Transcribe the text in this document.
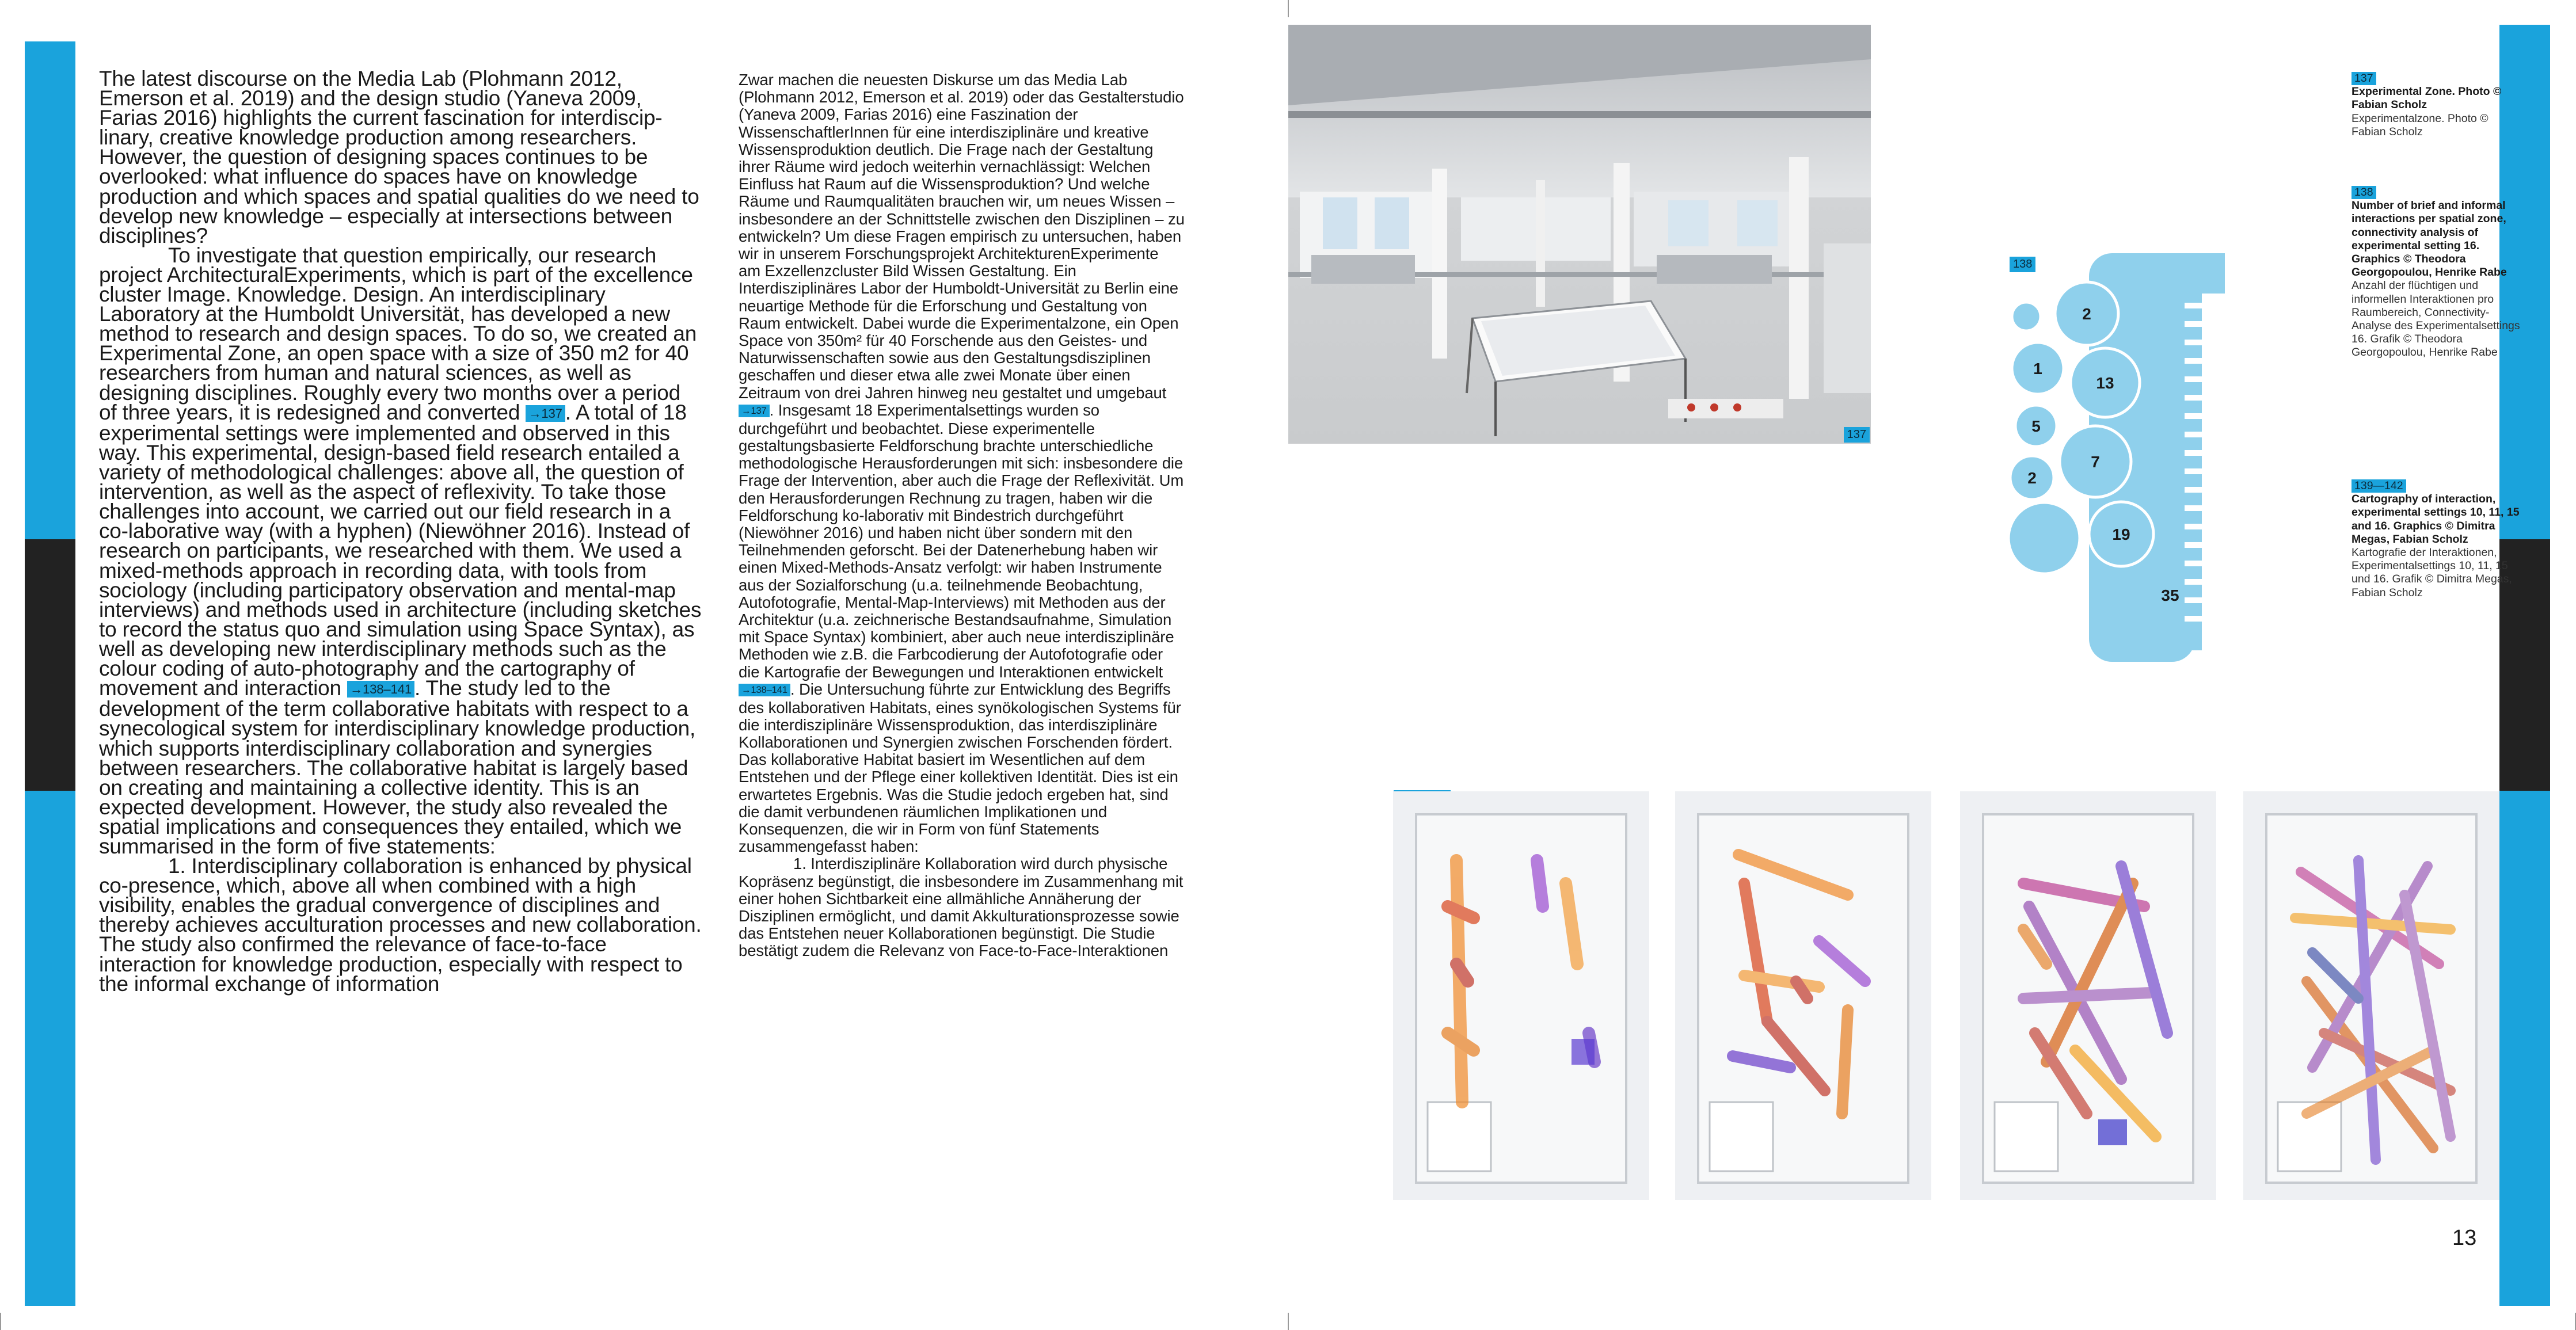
The latest discourse on the Media Lab (Plohmann 2012, Emerson et al. 2019) and the design studio (Yaneva 2009, Farias 2016) highlights the current fascination for interdisciplinary, creative knowledge production among researchers. However, the question of designing spaces continues to be overlooked: what influence do spaces have on knowledge production and which spaces and spatial qualities do we need to develop new knowledge – especially at intersections between disciplines?

To investigate that question empirically, our research project ArchitecturalExperiments, which is part of the excellence cluster Image. Knowledge. Design. An interdisciplinary Laboratory at the Humboldt Universität, has developed a new method to research and design spaces. To do so, we created an Experimental Zone, an open space with a size of 350 m2 for 40 researchers from human and natural sciences, as well as designing disciplines. Roughly every two months over a period of three years, it is redesigned and converted →137 . A total of 18 experimental settings were implemented and observed in this way. This experimental, design-based field research entailed a variety of methodological challenges: above all, the question of intervention, as well as the aspect of reflexivity. To take those challenges into account, we carried out our field research in a co-laborative way (with a hyphen) (Niewöhner 2016). Instead of research on participants, we researched with them. We used a mixed-methods approach in recording data, with tools from sociology (including participatory observation and mental-map interviews) and methods used in architecture (including sketches to record the status quo and simulation using Space Syntax), as well as developing new interdisciplinary methods such as the colour coding of auto-photography and the cartography of movement and interaction →138–141 . The study led to the development of the term collaborative habitats with respect to a synecological system for interdisciplinary knowledge production, which supports interdisciplinary collaboration and synergies between researchers. The collaborative habitat is largely based on creating and maintaining a collective identity. This is an expected development. However, the study also revealed the spatial implications and consequences they entailed, which we summarised in the form of five statements:

1. Interdisciplinary collaboration is enhanced by physical co-presence, which, above all when combined with a high visibility, enables the gradual convergence of disciplines and thereby achieves acculturation processes and new collaboration. The study also confirmed the relevance of face-to-face interaction for knowledge production, especially with respect to the informal exchange of information

Zwar machen die neuesten Diskurse um das Media Lab (Plohmann 2012, Emerson et al. 2019) oder das Gestalterstudio (Yaneva 2009, Farias 2016) eine Faszination der WissenschaftlerInnen für eine interdisziplinäre und kreative Wissensproduktion deutlich. Die Frage nach der Gestaltung ihrer Räume wird jedoch weiterhin vernachlässigt: Welchen Einfluss hat Raum auf die Wissensproduktion? Und welche Räume und Raumqualitäten brauchen wir, um neues Wissen – insbesondere an der Schnittstelle zwischen den Disziplinen – zu entwickeln? Um diese Fragen empirisch zu untersuchen, haben wir in unserem Forschungsprojekt ArchitekturenExperimente am Exzellenzcluster Bild Wissen Gestaltung. Ein Interdisziplinäres Labor der Humboldt-Universität zu Berlin eine neuartige Methode für die Erforschung und Gestaltung von Raum entwickelt. Dabei wurde die Experimentalzone, ein Open Space von 350m² für 40 Forschende aus den Geistes- und Naturwissenschaften sowie aus den Gestaltungsdisziplinen geschaffen und dieser etwa alle zwei Monate über einen Zeitraum von drei Jahren hinweg neu gestaltet und umgebaut →137 . Insgesamt 18 Experimentalsettings wurden so durchgeführt und beobachtet. Diese experimentelle gestaltungsbasierte Feldforschung brachte unterschiedliche methodologische Herausforderungen mit sich: insbesondere die Frage der Intervention, aber auch die Frage der Reflexivität. Um den Herausforderungen Rechnung zu tragen, haben wir die Feldforschung ko-laborativ mit Bindestrich durchgeführt (Niewöhner 2016) und haben nicht über sondern mit den Teilnehmenden geforscht. Bei der Datenerhebung haben wir einen Mixed-Methods-Ansatz verfolgt: wir haben Instrumente aus der Sozialforschung (u.a. teilnehmende Beobachtung, Autofotografie, Mental-Map-Interviews) mit Methoden aus der Architektur (u.a. zeichnerische Bestandsaufnahme, Simulation mit Space Syntax) kombiniert, aber auch neue interdisziplinäre Methoden wie z.B. die Farbcodierung der Autofotografie oder die Kartografie der Bewegungen und Interaktionen entwickelt →138–141 . Die Untersuchung führte zur Entwicklung des Begriffs des kollaborativen Habitats, eines synökologischen Systems für die interdisziplinäre Wissensproduktion, das interdisziplinäre Kollaborationen und Synergien zwischen Forschenden fördert. Das kollaborative Habitat basiert im Wesentlichen auf dem Entstehen und der Pflege einer kollektiven Identität. Dies ist ein erwartetes Ergebnis. Was die Studie jedoch ergeben hat, sind die damit verbundenen räumlichen Implikationen und Konsequenzen, die wir in Form von fünf Statements zusammengefasst haben:

1. Interdisziplinäre Kollaboration wird durch physische Kopräsenz begünstigt, die insbesondere im Zusammenhang mit einer hohen Sichtbarkeit eine allmähliche Annäherung der Disziplinen ermöglicht, und damit Akkulturationsprozesse sowie das Entstehen neuer Kollaborationen begünstigt. Die Studie bestätigt zudem die Relevanz von Face-to-Face-Interaktionen

137
138
2
1
13
5
7
2
19
35
137
Experimental Zone. Photo © Fabian Scholz
Experimentalzone. Photo © Fabian Scholz
138
Number of brief and informal interactions per spatial zone, connectivity analysis of experimental setting 16. Graphics © Theodora Georgopoulou, Henrike Rabe
Anzahl der flüchtigen und informellen Interaktionen pro Raumbereich, Connectivity-Analyse des Experimentalsettings 16. Grafik © Theodora Georgopoulou, Henrike Rabe
139—142
Cartography of interaction, experimental settings 10, 11, 15 and 16. Graphics © Dimitra Megas, Fabian Scholz
Kartografie der Interaktionen, Experimentalsettings 10, 11, 15 und 16. Grafik © Dimitra Megas, Fabian Scholz
13
